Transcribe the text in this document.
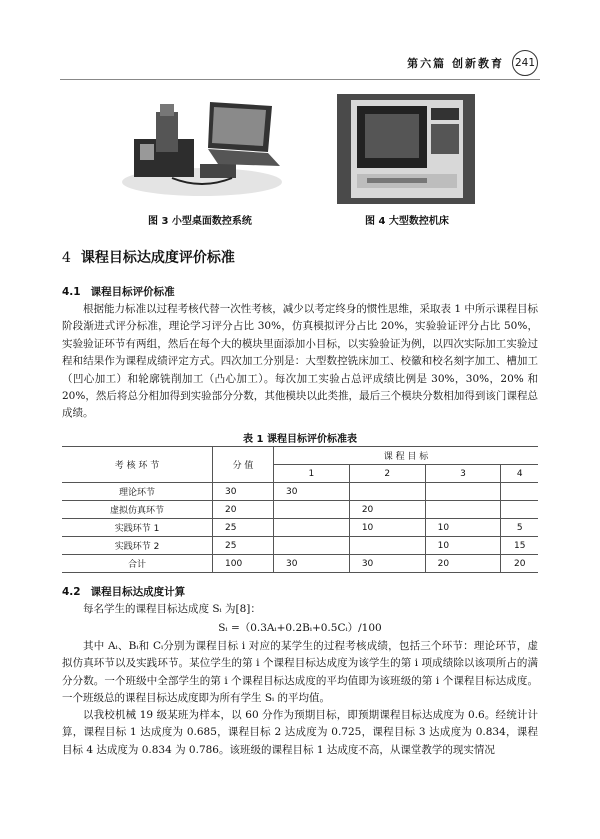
第六篇 创新教育 241
图 3 小型桌面数控系统	图 4 大型数控机床
4 课程目标达成度评价标准
4.1 课程目标评价标准

根据能力标准以过程考核代替一次性考核，减少以考定终身的惯性思维，采取表 1 中所示课程目标阶段渐进式评分标准，理论学习评分占比 30%，仿真模拟评分占比 20%，实验验证评分占比 50%，实验验证环节有两组，然后在每个大的模块里面添加小目标，以实验验证为例，以四次实际加工实验过程和结果作为课程成绩评定方式。四次加工分别是：大型数控铣床加工、校徽和校名刻字加工、槽加工（凹心加工）和轮廓铣削加工（凸心加工）。每次加工实验占总评成绩比例是 30%，30%，20% 和 20%，然后将总分相加得到实验部分分数，其他模块以此类推，最后三个模块分数相加得到该门课程总成绩。

表 1 课程目标评价标准表
考 核 环 节	分 值	课 程 目 标			
		1	2	3	4
理论环节	30	30			
虚拟仿真环节	20		20		
实践环节 1	25		10	10	5
实践环节 2	25			10	15
合计	100	30	30	20	20
4.2 课程目标达成度计算

每名学生的课程目标达成度 Sᵢ 为[8]：

Sᵢ =（0.3Aᵢ+0.2Bᵢ+0.5Cᵢ）/100

其中 Aᵢ、Bᵢ和 Cᵢ分别为课程目标 i 对应的某学生的过程考核成绩，包括三个环节：理论环节，虚拟仿真环节以及实践环节。某位学生的第 i 个课程目标达成度为该学生的第 i 项成绩除以该项所占的满分分数。一个班级中全部学生的第 i 个课程目标达成度的平均值即为该班级的第 i 个课程目标达成度。一个班级总的课程目标达成度即为所有学生 Sᵢ 的平均值。

以我校机械 19 级某班为样本，以 60 分作为预期目标，即预期课程目标达成度为 0.6。经统计计算，课程目标 1 达成度为 0.685，课程目标 2 达成度为 0.725，课程目标 3 达成度为 0.834，课程目标 4 达成度为 0.834 为 0.786。该班级的课程目标 1 达成度不高，从课堂教学的现实情况
